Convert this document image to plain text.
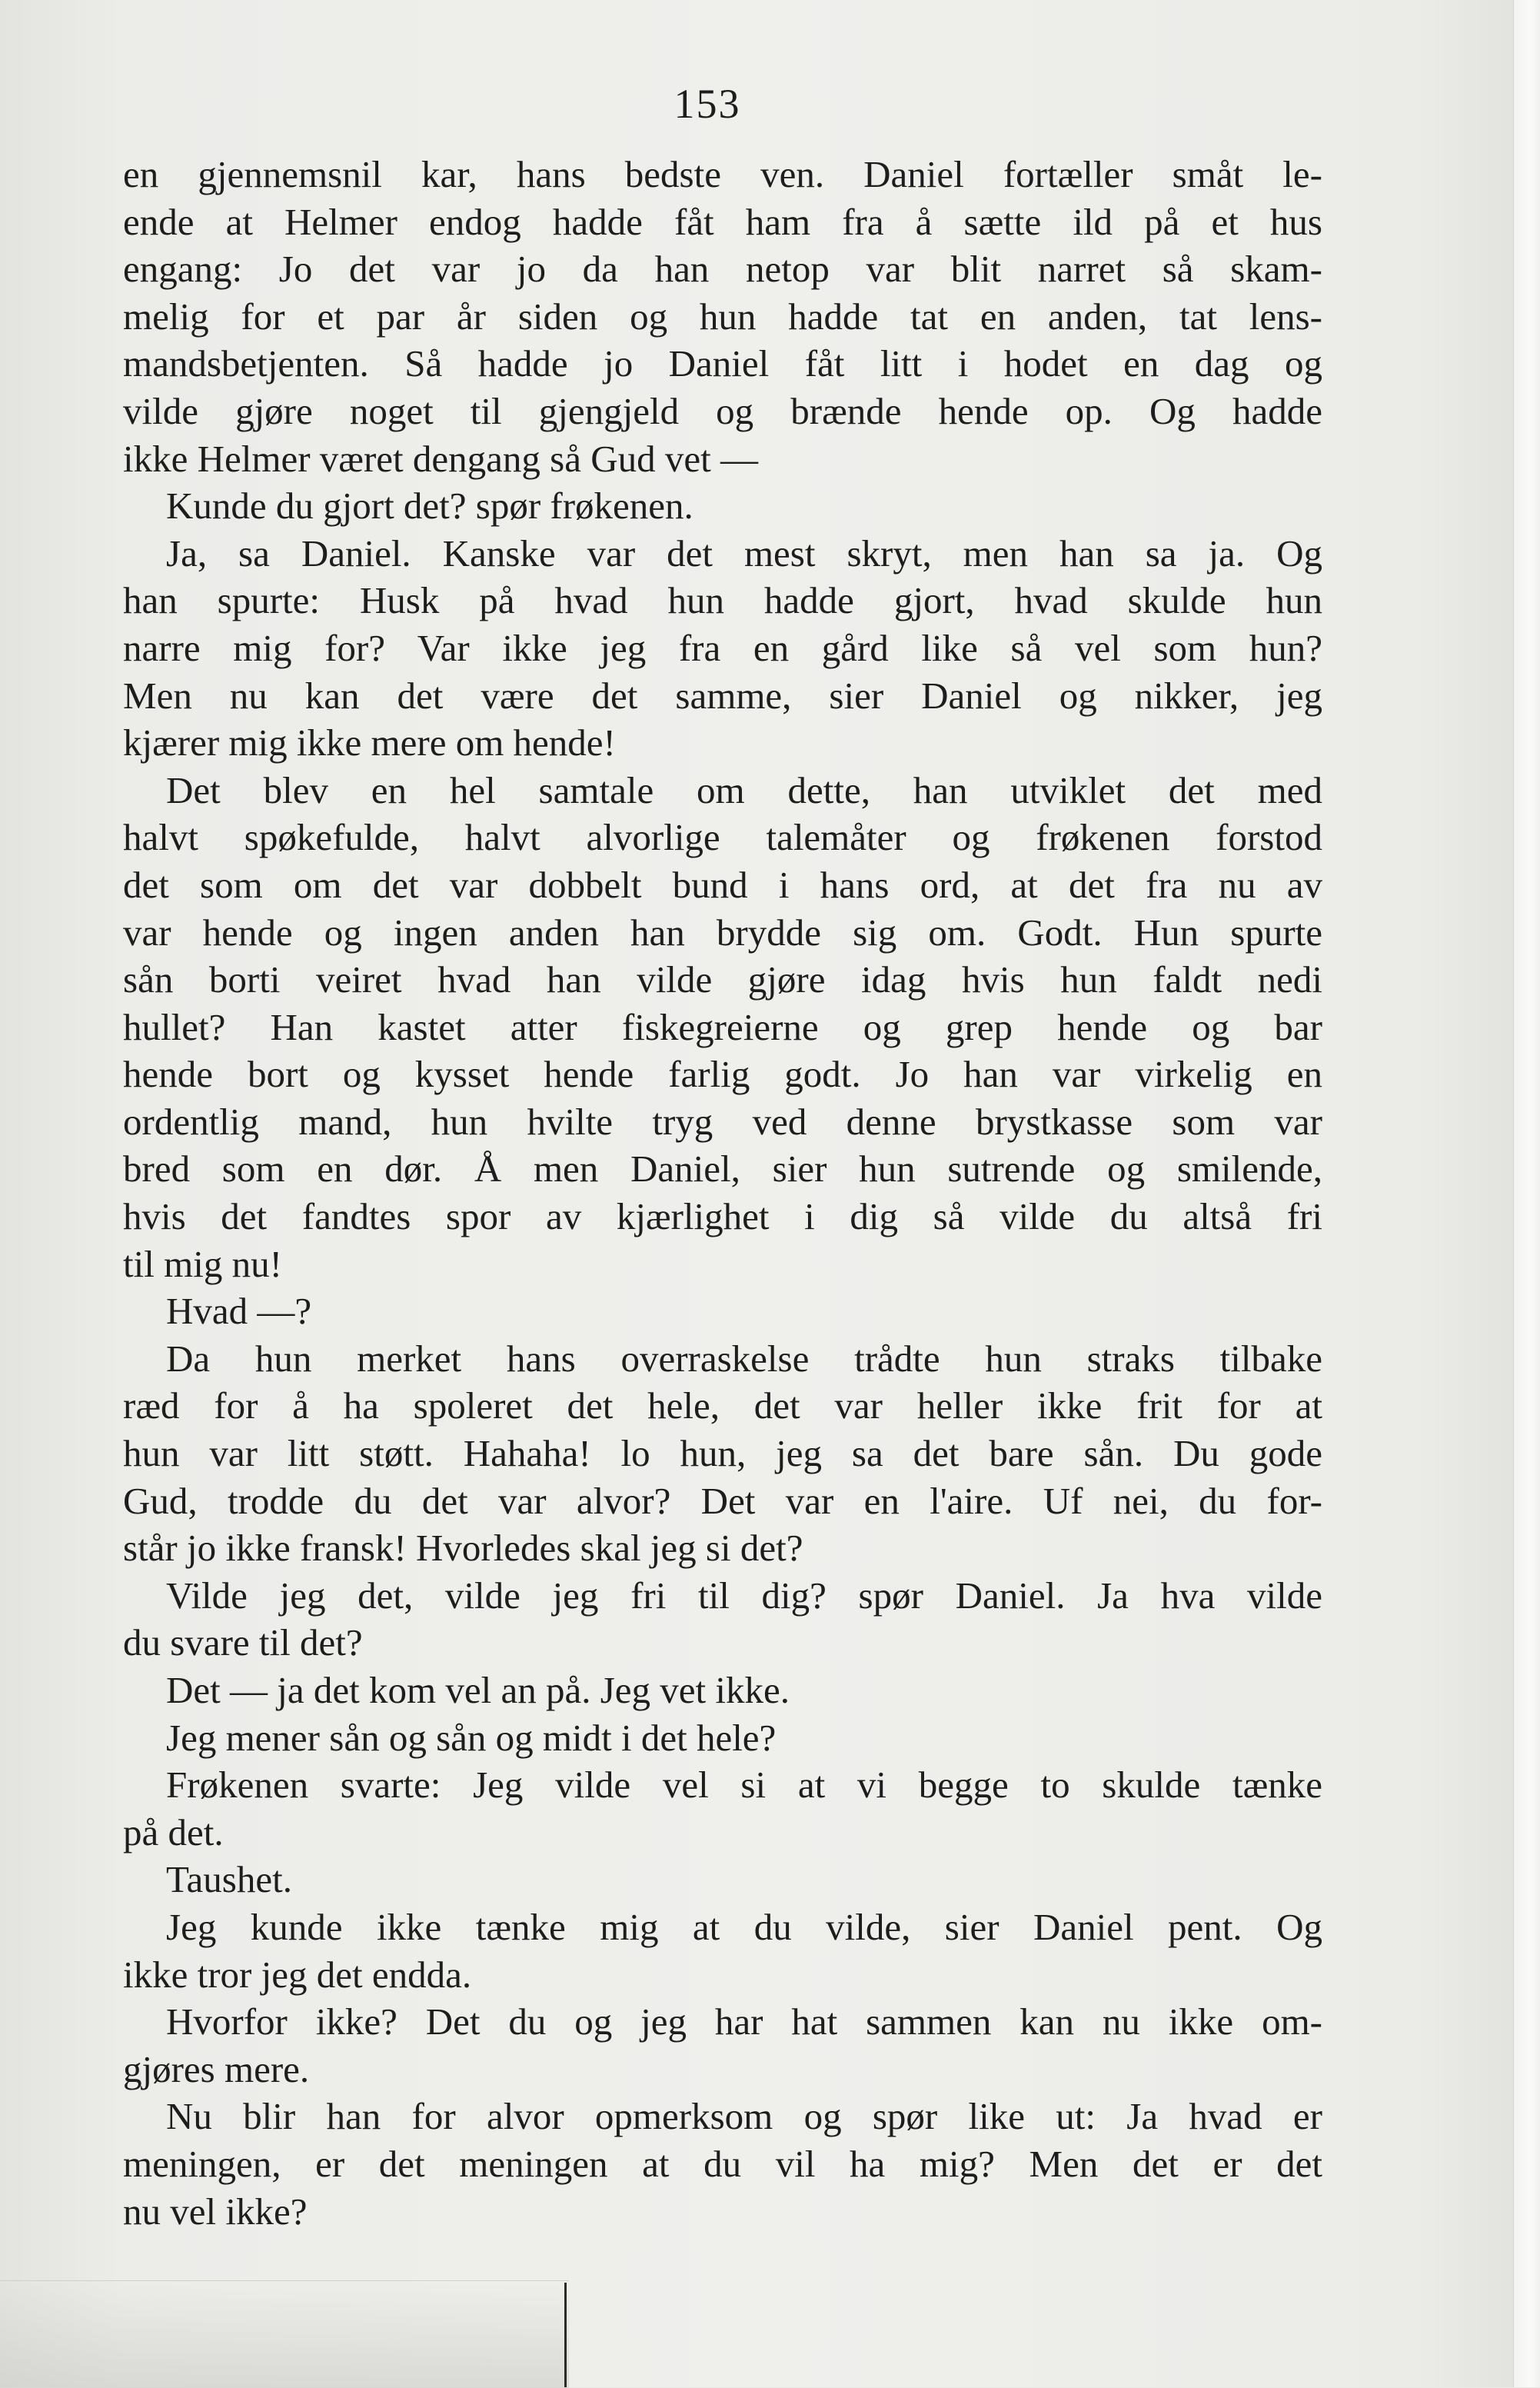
153
en gjennemsnil kar, hans bedste ven. Daniel fortæller småt le-
ende at Helmer endog hadde fåt ham fra å sætte ild på et hus
engang: Jo det var jo da han netop var blit narret så skam-
melig for et par år siden og hun hadde tat en anden, tat lens-
mandsbetjenten. Så hadde jo Daniel fåt litt i hodet en dag og
vilde gjøre noget til gjengjeld og brænde hende op. Og hadde
ikke Helmer været dengang så Gud vet —
Kunde du gjort det? spør frøkenen.
Ja, sa Daniel. Kanske var det mest skryt, men han sa ja. Og
han spurte: Husk på hvad hun hadde gjort, hvad skulde hun
narre mig for? Var ikke jeg fra en gård like så vel som hun?
Men nu kan det være det samme, sier Daniel og nikker, jeg
kjærer mig ikke mere om hende!
Det blev en hel samtale om dette, han utviklet det med
halvt spøkefulde, halvt alvorlige talemåter og frøkenen forstod
det som om det var dobbelt bund i hans ord, at det fra nu av
var hende og ingen anden han brydde sig om. Godt. Hun spurte
sån borti veiret hvad han vilde gjøre idag hvis hun faldt nedi
hullet? Han kastet atter fiskegreierne og grep hende og bar
hende bort og kysset hende farlig godt. Jo han var virkelig en
ordentlig mand, hun hvilte tryg ved denne brystkasse som var
bred som en dør. Å men Daniel, sier hun sutrende og smilende,
hvis det fandtes spor av kjærlighet i dig så vilde du altså fri
til mig nu!
Hvad —?
Da hun merket hans overraskelse trådte hun straks tilbake
ræd for å ha spoleret det hele, det var heller ikke frit for at
hun var litt støtt. Hahaha! lo hun, jeg sa det bare sån. Du gode
Gud, trodde du det var alvor? Det var en l'aire. Uf nei, du for-
står jo ikke fransk! Hvorledes skal jeg si det?
Vilde jeg det, vilde jeg fri til dig? spør Daniel. Ja hva vilde
du svare til det?
Det — ja det kom vel an på. Jeg vet ikke.
Jeg mener sån og sån og midt i det hele?
Frøkenen svarte: Jeg vilde vel si at vi begge to skulde tænke
på det.
Taushet.
Jeg kunde ikke tænke mig at du vilde, sier Daniel pent. Og
ikke tror jeg det endda.
Hvorfor ikke? Det du og jeg har hat sammen kan nu ikke om-
gjøres mere.
Nu blir han for alvor opmerksom og spør like ut: Ja hvad er
meningen, er det meningen at du vil ha mig? Men det er det
nu vel ikke?
